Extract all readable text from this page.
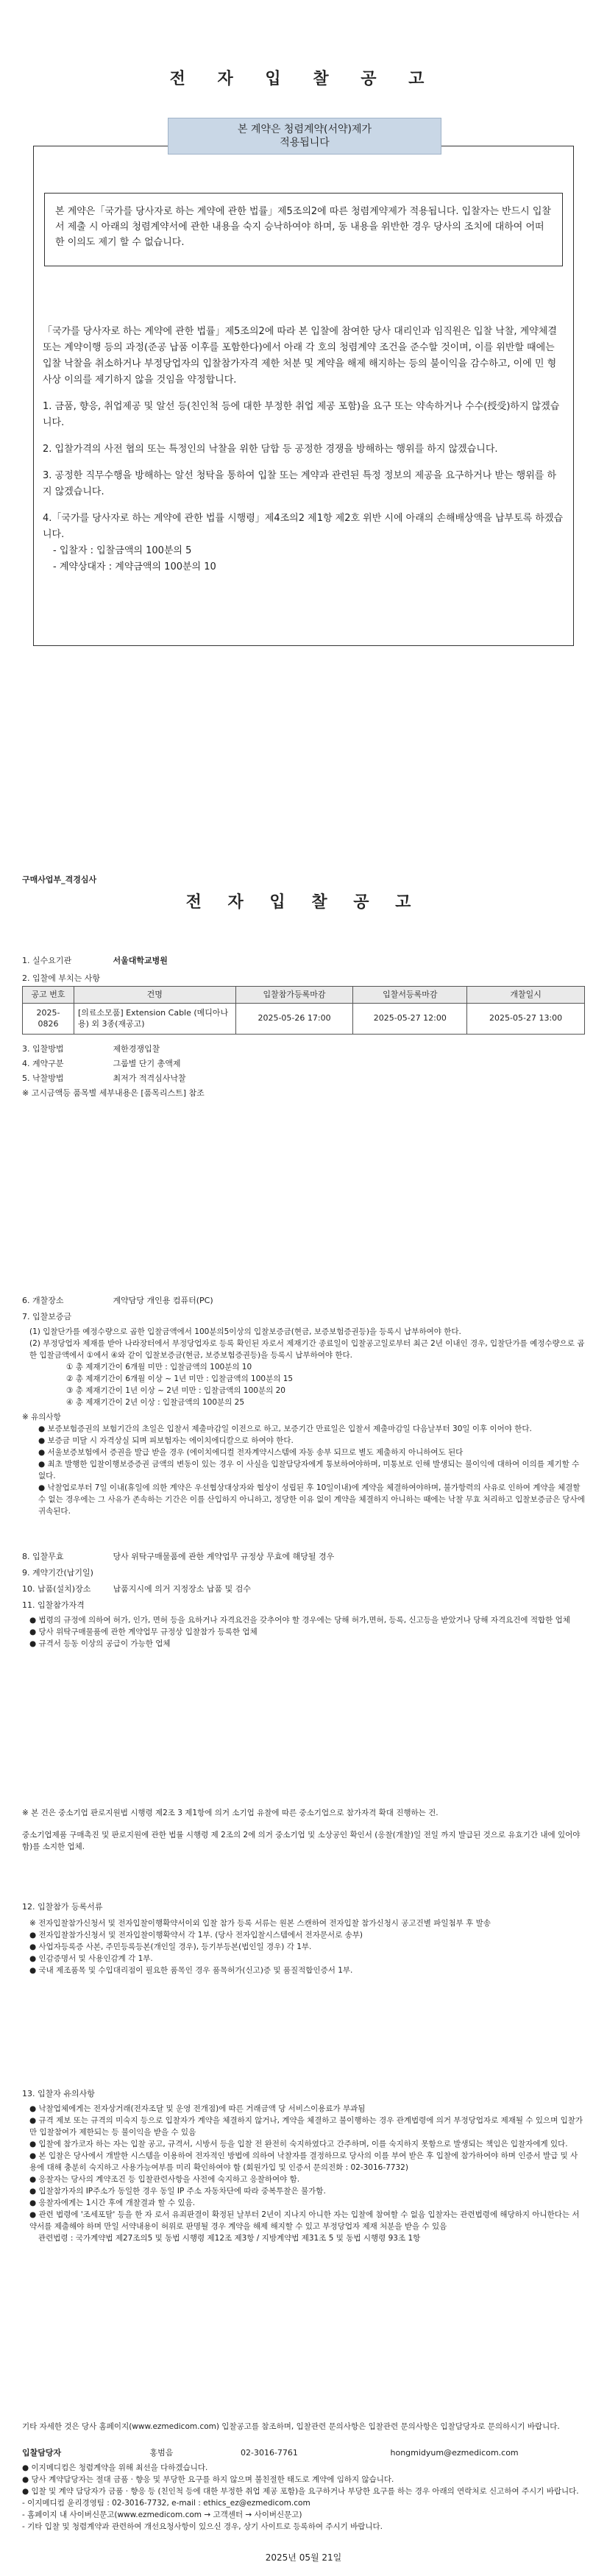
전 자 입 찰 공 고
본 계약은 청렴계약(서약)제가
적용됩니다
본 계약은「국가를 당사자로 하는 계약에 관한 법률」제5조의2에 따른 청렴계약제가 적용됩니다. 입찰자는 반드시 입찰서 제출 시 아래의 청렴계약서에 관한 내용을 숙지 승낙하여야 하며, 동 내용을 위반한 경우 당사의 조치에 대하여 어떠한 이의도 제기 할 수 없습니다.

「국가를 당사자로 하는 계약에 관한 법률」제5조의2에 따라 본 입찰에 참여한 당사 대리인과 임직원은 입찰 낙찰, 계약체결 또는 계약이행 등의 과정(준공 납품 이후를 포함한다)에서 아래 각 호의 청렴계약 조건을 준수할 것이며, 이를 위반할 때에는 입찰 낙찰을 취소하거나 부정당업자의 입찰참가자격 제한 처분 및 계약을 해제 해지하는 등의 불이익을 감수하고, 이에 민 형사상 이의를 제기하지 않을 것임을 약정합니다.

1. 금품, 향응, 취업제공 및 알선 등(친인척 등에 대한 부정한 취업 제공 포함)을 요구 또는 약속하거나 수수(授受)하지 않겠습니다.

2. 입찰가격의 사전 협의 또는 특정인의 낙찰을 위한 담합 등 공정한 경쟁을 방해하는 행위를 하지 않겠습니다.

3. 공정한 직무수행을 방해하는 알선 청탁을 통하여 입찰 또는 계약과 관련된 특정 정보의 제공을 요구하거나 받는 행위를 하지 않겠습니다.

4.「국가를 당사자로 하는 계약에 관한 법률 시행령」제4조의2 제1항 제2호 위반 시에 아래의 손해배상액을 납부토록 하겠습니다.

- 입찰자 : 입찰금액의 100분의 5
- 계약상대자 : 계약금액의 100분의 10
구매사업부_격경심사
전 자 입 찰 공 고
1. 실수요기관	서울대학교병원
2. 입찰에 부치는 사항
공고 번호	건명	입찰참가등록마감	입찰서등록마감	개찰일시
2025-0826	[의료소모품] Extension Cable (메디아나용) 외 3종(재공고)	2025-05-26 17:00	2025-05-27 12:00	2025-05-27 13:00
3. 입찰방법	제한경쟁입찰
4. 계약구분	그룹별 단기 총액제
5. 낙찰방법	최저가 적격심사낙찰
※ 고시금액등 품목별 세부내용은 [품목리스트] 참조
6. 개찰장소	계약담당 개인용 컴퓨터(PC)
7. 입찰보증금
(1) 입찰단가를 예정수량으로 곱한 입찰금액에서 100분의5이상의 입찰보증금(현금, 보증보험증권등)을 등록시 납부하여야 한다.
(2) 부정당업자 제재를 받아 나라장터에서 부정당업자로 등록 확인된 자로서 제재기간 종료일이 입찰공고일로부터 최근 2년 이내인 경우, 입찰단가를 예정수량으로 곱한 입찰금액에서 ①에서 ④와 같이 입찰보증금(현금, 보증보험증권등)을 등록시 납부하여야 한다.
① 총 제재기간이 6개월 미만 : 입찰금액의 100분의 10
② 총 제재기간이 6개월 이상 ~ 1년 미만 : 입찰금액의 100분의 15
③ 총 제재기간이 1년 이상 ~ 2년 미만 : 입찰금액의 100분의 20
④ 총 제재기간이 2년 이상 : 입찰금액의 100분의 25
※ 유의사항
● 보증보험증권의 보험기간의 초일은 입찰서 제출마감일 이전으로 하고, 보증기간 만료일은 입찰서 제출마감일 다음날부터 30일 이후 이어야 한다.
● 보증금 미달 시 자격상실 되며 피보험자는 에이치에디칼으로 하여야 한다.
● 서울보증보험에서 증권을 발급 받을 경우 (에이치에디컬 전자계약시스템에 자동 송부 되므로 별도 제출하지 아니하여도 된다
● 최초 발행한 입찰이행보증증권 금액의 변동이 있는 경우 이 사실을 입찰담당자에게 통보하여야하며, 미통보로 인해 발생되는 불이익에 대하여 이의를 제기할 수 없다.
● 낙찰업로부터 7일 이내(휴일에 의한 계약은 우선협상대상자와 협상이 성립된 후 10일이내)에 계약을 체결하여야하며, 불가항력의 사유로 인하여 계약을 체결할 수 없는 경우에는 그 사유가 존속하는 기간은 이를 산입하지 아니하고, 정당한 이유 없이 계약을 체결하지 아니하는 때에는 낙찰 무효 처리하고 입찰보증금은 당사에 귀속된다.
8. 입찰무효	당사 위탁구매물품에 관한 계약업무 규정상 무효에 해당될 경우
9. 계약기간(납기일)
10. 납품(설치)장소	납품지시에 의거 지정장소 납품 및 검수
11. 입찰참가자격
● 법령의 규정에 의하여 허가, 인가, 면허 등을 요하거나 자격요건을 갖추어야 할 경우에는 당해 허가,면허, 등록, 신고등을 받았거나 당해 자격요건에 적합한 업체
● 당사 위탁구매물품에 관한 계약업무 규정상 입찰참가 등록한 업체
● 규격서 등동 이상의 공급이 가능한 업체
※ 본 건은 중소기업 판로지원법 시행령 제2조 3 제1항에 의거 소기업 유찰에 따른 중소기업으로 참가자격 확대 진행하는 건.
중소기업제품 구매촉진 및 판로지원에 관한 법률 시행령 제 2조의 2에 의거 중소기업 및 소상공인 확인서 (응찰(개찰)일 전일 까지 발급된 것으로 유효기간 내에 있어야 함)를 소지한 업체.
12. 입찰참가 등록서류
※ 전자입찰참가신청서 및 전자입찰이행확약서이외 입찰 참가 등록 서류는 원본 스캔하여 전자입찰 참가신청시 공고건별 파일첨부 후 발송
● 전자입찰참가신청서 및 전자입찰이행확약서 각 1부. (당사 전자입찰시스템에서 전자문서로 송부)
● 사업자등록증 사본, 주민등록등본(개인일 경우), 등기부등본(법인일 경우) 각 1부.
● 인감증명서 및 사용인감계 각 1부.
● 국내 제조품목 및 수입대리점이 필요한 품목인 경우 품목허가(신고)증 및 품질적합인증서 1부.
13. 입찰자 유의사항
● 낙찰업체에게는 전자상거래(전자조달 및 운영 전개점)에 따른 거래금액 당 서비스이용료가 부과됨
● 규격 제보 또는 규격의 미숙지 등으로 입찰자가 계약을 체결하지 않거나, 계약을 체결하고 불이행하는 경우 관계법령에 의거 부정당업자로 제재될 수 있으며 입찰가만 입찰참여가 제한되는 등 불이익을 받을 수 있음
● 입찰에 참가코자 하는 자는 입찰 공고, 규격서, 시방서 등을 입찰 전 완전히 숙지하였다고 간주하며, 이를 숙지하지 못함으로 발생되는 책임은 입찰자에게 있다.
● 본 입찰은 당사에서 개발한 시스템을 이용하여 전자적인 방법에 의하여 낙찰자를 결정하므로 당사의 이를 부여 받은 후 입찰에 참가하여야 하며 인증서 발급 및 사용에 대해 충분히 숙지하고 사용가능여부를 미리 확인하여야 함 (회원가입 및 인증서 문의전화 : 02-3016-7732)
● 응찰자는 당사의 계약조건 등 입찰관련사항을 사전에 숙지하고 응찰하여야 함.
● 입찰참가자의 IP주소가 동일한 경우 동일 IP 주소 자동차단에 따라 중복투찰은 불가함.
● 응찰자에게는 1시간 후에 개찰결과 할 수 있음.
● 관련 법령에 '조세포탈' 등을 한 자 로서 유죄판결이 확정된 날부터 2년이 지나지 아니한 자는 입찰에 참여할 수 없음 입찰자는 관련법령에 해당하지 아니한다는 서약서를 제출해야 하며 만일 서약내용이 허위로 판명될 경우 계약을 해제 해지할 수 있고 부정당업자 제재 처분을 받을 수 있음
관련법령 : 국가계약법 제27조의5 및 동법 시행령 제12조 제3항 / 지방계약법 제31조 5 및 동법 시행령 93조 1항
기타 자세한 것은 당사 홈페이지(www.ezmedicom.com) 입찰공고를 참조하며, 입찰관련 문의사항은 입찰관련 문의사항은 입찰담당자로 문의하시기 바랍니다.
입찰담당자	홍범음	02-3016-7761	hongmidyum@ezmedicom.com
● 이지메디컴은 청렴계약을 위해 최선을 다하겠습니다.
● 당사 계약담당자는 절대 금품 · 향응 및 부당한 요구를 하지 않으며 불친절한 태도로 계약에 임하지 않습니다.
● 입찰 및 계약 담당자가 금품 · 향응 등 (친인척 등에 대한 부정한 취업 제공 포함)을 요구하거나 부당한 요구를 하는 경우 아래의 연락처로 신고하여 주시기 바랍니다.
- 이지메디컴 윤리경영팀 : 02-3016-7732, e-mail : ethics_ez@ezmedicom.com
- 홈페이지 내 사이버신문고(www.ezmedicom.com → 고객센터 → 사이버신문고)
- 기타 입찰 및 청렴계약과 관련하여 개선요청사항이 있으신 경우, 상기 사이트로 등록하여 주시기 바랍니다.
2025년 05월 21일
